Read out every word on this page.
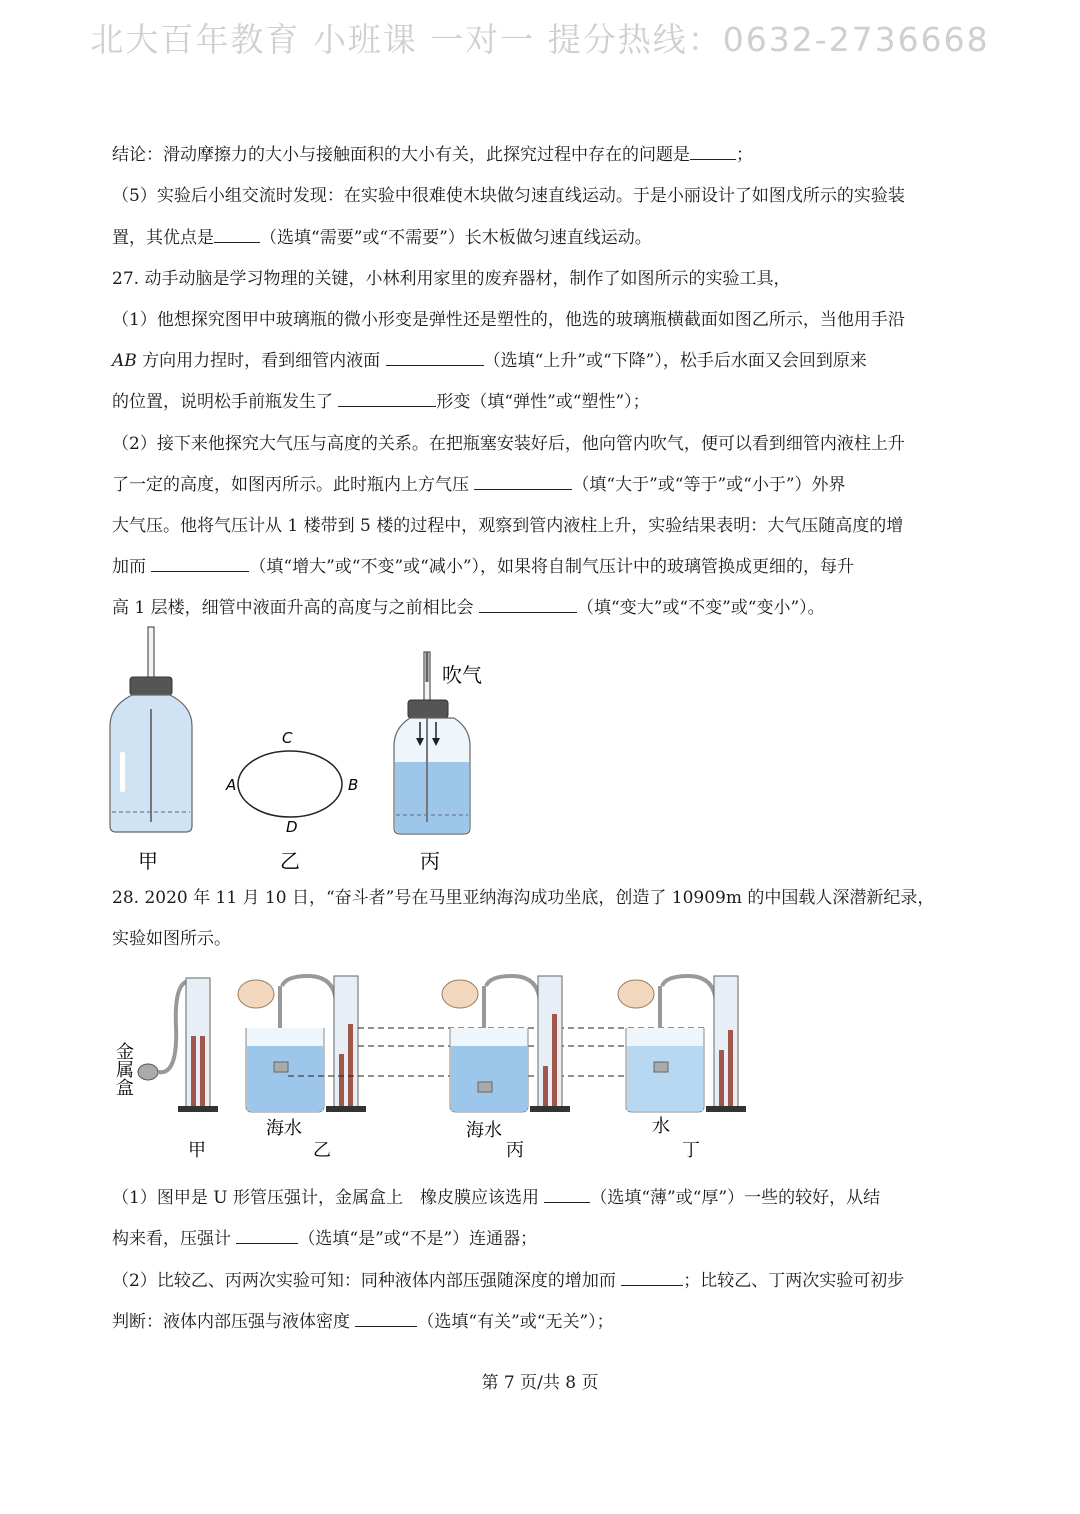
北大百年教育 小班课 一对一 提分热线：0632-2736668
结论：滑动摩擦力的大小与接触面积的大小有关，此探究过程中存在的问题是	；
（5）实验后小组交流时发现：在实验中很难使木块做匀速直线运动。于是小丽设计了如图戊所示的实验装
置，其优点是	（选填“需要”或“不需要”）长木板做匀速直线运动。
27. 动手动脑是学习物理的关键，小林利用家里的废弃器材，制作了如图所示的实验工具，
（1）他想探究图甲中玻璃瓶的微小形变是弹性还是塑性的，他选的玻璃瓶横截面如图乙所示，当他用手沿
AB 方向用力捏时，看到细管内液面	（选填“上升”或“下降”），松手后水面又会回到原来
的位置，说明松手前瓶发生了	形变（填“弹性”或“塑性”）；
（2）接下来他探究大气压与高度的关系。在把瓶塞安装好后，他向管内吹气，便可以看到细管内液柱上升
了一定的高度，如图丙所示。此时瓶内上方气压	（填“大于”或“等于”或“小于”）外界
大气压。他将气压计从 1 楼带到 5 楼的过程中，观察到管内液柱上升，实验结果表明：大气压随高度的增
加而	（填“增大”或“不变”或“减小”），如果将自制气压计中的玻璃管换成更细的，每升
高 1 层楼，细管中液面升高的高度与之前相比会	（填“变大”或“不变”或“变小”）。
A	B
C
D
吹气
甲	乙	丙
28. 2020 年 11 月 10 日，“奋斗者”号在马里亚纳海沟成功坐底，创造了 10909m 的中国载人深潜新纪录，
实验如图所示。
金
属
盒
甲
海水
乙
海水
丙
水
丁
（1）图甲是 U 形管压强计，金属盒上　橡皮膜应该选用	（选填“薄”或“厚”）一些的较好，从结
构来看，压强计	（选填“是”或“不是”）连通器；
（2）比较乙、丙两次实验可知：同种液体内部压强随深度的增加而	；比较乙、丁两次实验可初步
判断：液体内部压强与液体密度	（选填“有关”或“无关”）；
第 7 页/共 8 页
